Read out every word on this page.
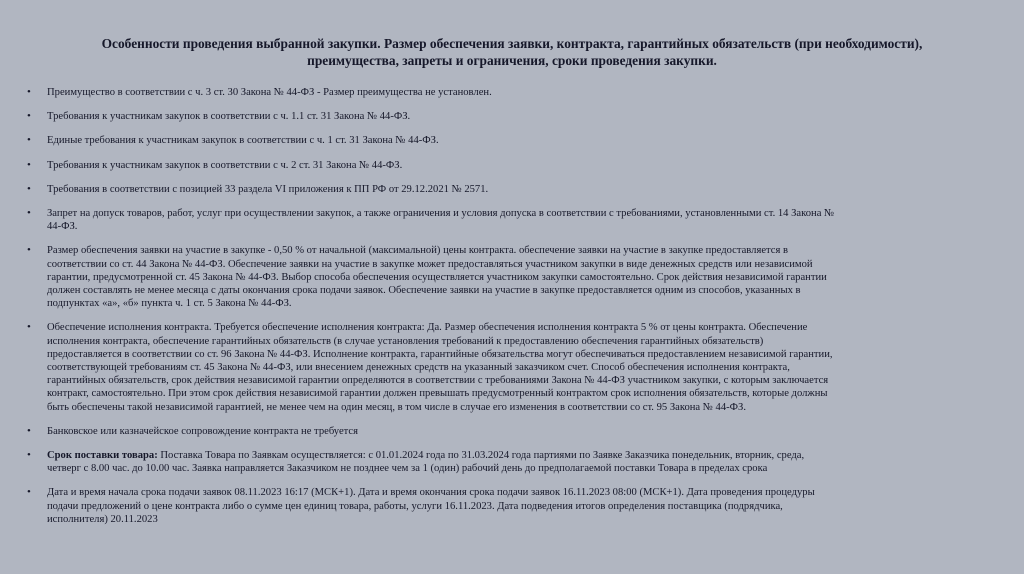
Особенности проведения выбранной закупки. Размер обеспечения заявки, контракта, гарантийных обязательств (при необходимости),
преимущества, запреты и ограничения, сроки проведения закупки.
• Преимущество в соответствии с ч. 3 ст. 30 Закона № 44-ФЗ - Размер преимущества не установлен.
• Требования к участникам закупок в соответствии с ч. 1.1 ст. 31 Закона № 44-ФЗ.
• Единые требования к участникам закупок в соответствии с ч. 1 ст. 31 Закона № 44-ФЗ.
• Требования к участникам закупок в соответствии с ч. 2 ст. 31 Закона № 44-ФЗ.
• Требования в соответствии с позицией 33 раздела VI приложения к ПП РФ от 29.12.2021 № 2571.
• Запрет на допуск товаров, работ, услуг при осуществлении закупок, а также ограничения и условия допуска в соответствии с требованиями, установленными ст. 14 Закона №
44-ФЗ.
• Размер обеспечения заявки на участие в закупке - 0,50 % от начальной (максимальной) цены контракта. обеспечение заявки на участие в закупке предоставляется в
соответствии со ст. 44 Закона № 44-ФЗ. Обеспечение заявки на участие в закупке может предоставляться участником закупки в виде денежных средств или независимой
гарантии, предусмотренной ст. 45 Закона № 44-ФЗ. Выбор способа обеспечения осуществляется участником закупки самостоятельно. Срок действия независимой гарантии
должен составлять не менее месяца с даты окончания срока подачи заявок. Обеспечение заявки на участие в закупке предоставляется одним из способов, указанных в
подпунктах «а», «б» пункта ч. 1 ст. 5 Закона № 44-ФЗ.
• Обеспечение исполнения контракта. Требуется обеспечение исполнения контракта: Да. Размер обеспечения исполнения контракта 5 % от цены контракта. Обеспечение
исполнения контракта, обеспечение гарантийных обязательств (в случае установления требований к предоставлению обеспечения гарантийных обязательств)
предоставляется в соответствии со ст. 96 Закона № 44-ФЗ. Исполнение контракта, гарантийные обязательства могут обеспечиваться предоставлением независимой гарантии,
соответствующей требованиям ст. 45 Закона № 44-ФЗ, или внесением денежных средств на указанный заказчиком счет. Способ обеспечения исполнения контракта,
гарантийных обязательств, срок действия независимой гарантии определяются в соответствии с требованиями Закона № 44-ФЗ участником закупки, с которым заключается
контракт, самостоятельно. При этом срок действия независимой гарантии должен превышать предусмотренный контрактом срок исполнения обязательств, которые должны
быть обеспечены такой независимой гарантией, не менее чем на один месяц, в том числе в случае его изменения в соответствии со ст. 95 Закона № 44-ФЗ.
• Банковское или казначейское сопровождение контракта не требуется
• Срок поставки товара: Поставка Товара по Заявкам осуществляется: с 01.01.2024 года по 31.03.2024 года партиями по Заявке Заказчика понедельник, вторник, среда,
четверг с 8.00 час. до 10.00 час. Заявка направляется Заказчиком не позднее чем за 1 (один) рабочий день до предполагаемой поставки Товара в пределах срока
• Дата и время начала срока подачи заявок 08.11.2023 16:17 (МСК+1). Дата и время окончания срока подачи заявок 16.11.2023 08:00 (МСК+1). Дата проведения процедуры
подачи предложений о цене контракта либо о сумме цен единиц товара, работы, услуги 16.11.2023. Дата подведения итогов определения поставщика (подрядчика,
исполнителя) 20.11.2023
